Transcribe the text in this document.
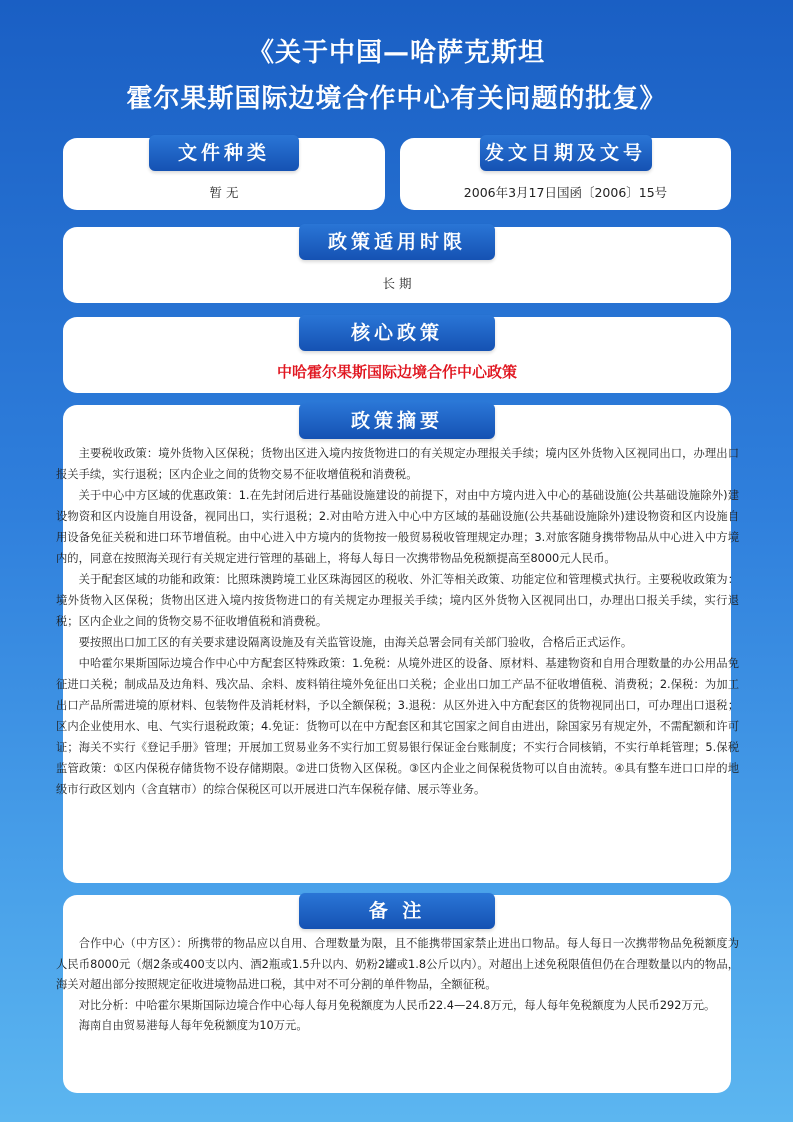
《关于中国—哈萨克斯坦
霍尔果斯国际边境合作中心有关问题的批复》
文件种类
暂 无
发文日期及文号
2006年3月17日国函〔2006〕15号
政策适用时限
长 期
核心政策
中哈霍尔果斯国际边境合作中心政策
政策摘要

主要税收政策：境外货物入区保税；货物出区进入境内按货物进口的有关规定办理报关手续；境内区外货物入区视同出口，办理出口报关手续，实行退税；区内企业之间的货物交易不征收增值税和消费税。

关于中心中方区域的优惠政策：1.在先封闭后进行基础设施建设的前提下，对由中方境内进入中心的基础设施(公共基础设施除外)建设物资和区内设施自用设备，视同出口，实行退税；2.对由哈方进入中心中方区域的基础设施(公共基础设施除外)建设物资和区内设施自用设备免征关税和进口环节增值税。由中心进入中方境内的货物按一般贸易税收管理规定办理；3.对旅客随身携带物品从中心进入中方境内的，同意在按照海关现行有关规定进行管理的基础上，将每人每日一次携带物品免税额提高至8000元人民币。

关于配套区域的功能和政策：比照珠澳跨境工业区珠海园区的税收、外汇等相关政策、功能定位和管理模式执行。主要税收政策为：境外货物入区保税；货物出区进入境内按货物进口的有关规定办理报关手续；境内区外货物入区视同出口，办理出口报关手续，实行退税；区内企业之间的货物交易不征收增值税和消费税。

要按照出口加工区的有关要求建设隔离设施及有关监管设施，由海关总署会同有关部门验收，合格后正式运作。

中哈霍尔果斯国际边境合作中心中方配套区特殊政策：1.免税：从境外进区的设备、原材料、基建物资和自用合理数量的办公用品免征进口关税；制成品及边角料、残次品、余料、废料销往境外免征出口关税；企业出口加工产品不征收增值税、消费税；2.保税：为加工出口产品所需进境的原材料、包装物件及消耗材料，予以全额保税；3.退税：从区外进入中方配套区的货物视同出口，可办理出口退税；区内企业使用水、电、气实行退税政策；4.免证：货物可以在中方配套区和其它国家之间自由进出，除国家另有规定外，不需配额和许可证；海关不实行《登记手册》管理；开展加工贸易业务不实行加工贸易银行保证金台账制度；不实行合同核销，不实行单耗管理；5.保税监管政策：①区内保税存储货物不设存储期限。②进口货物入区保税。③区内企业之间保税货物可以自由流转。④具有整车进口口岸的地级市行政区划内（含直辖市）的综合保税区可以开展进口汽车保税存储、展示等业务。

备 注

合作中心（中方区）：所携带的物品应以自用、合理数量为限，且不能携带国家禁止进出口物品。每人每日一次携带物品免税额度为人民币8000元（烟2条或400支以内、酒2瓶或1.5升以内、奶粉2罐或1.8公斤以内）。对超出上述免税限值但仍在合理数量以内的物品，海关对超出部分按照规定征收进境物品进口税，其中对不可分割的单件物品，全额征税。

对比分析：中哈霍尔果斯国际边境合作中心每人每月免税额度为人民币22.4—24.8万元，每人每年免税额度为人民币292万元。

海南自由贸易港每人每年免税额度为10万元。
